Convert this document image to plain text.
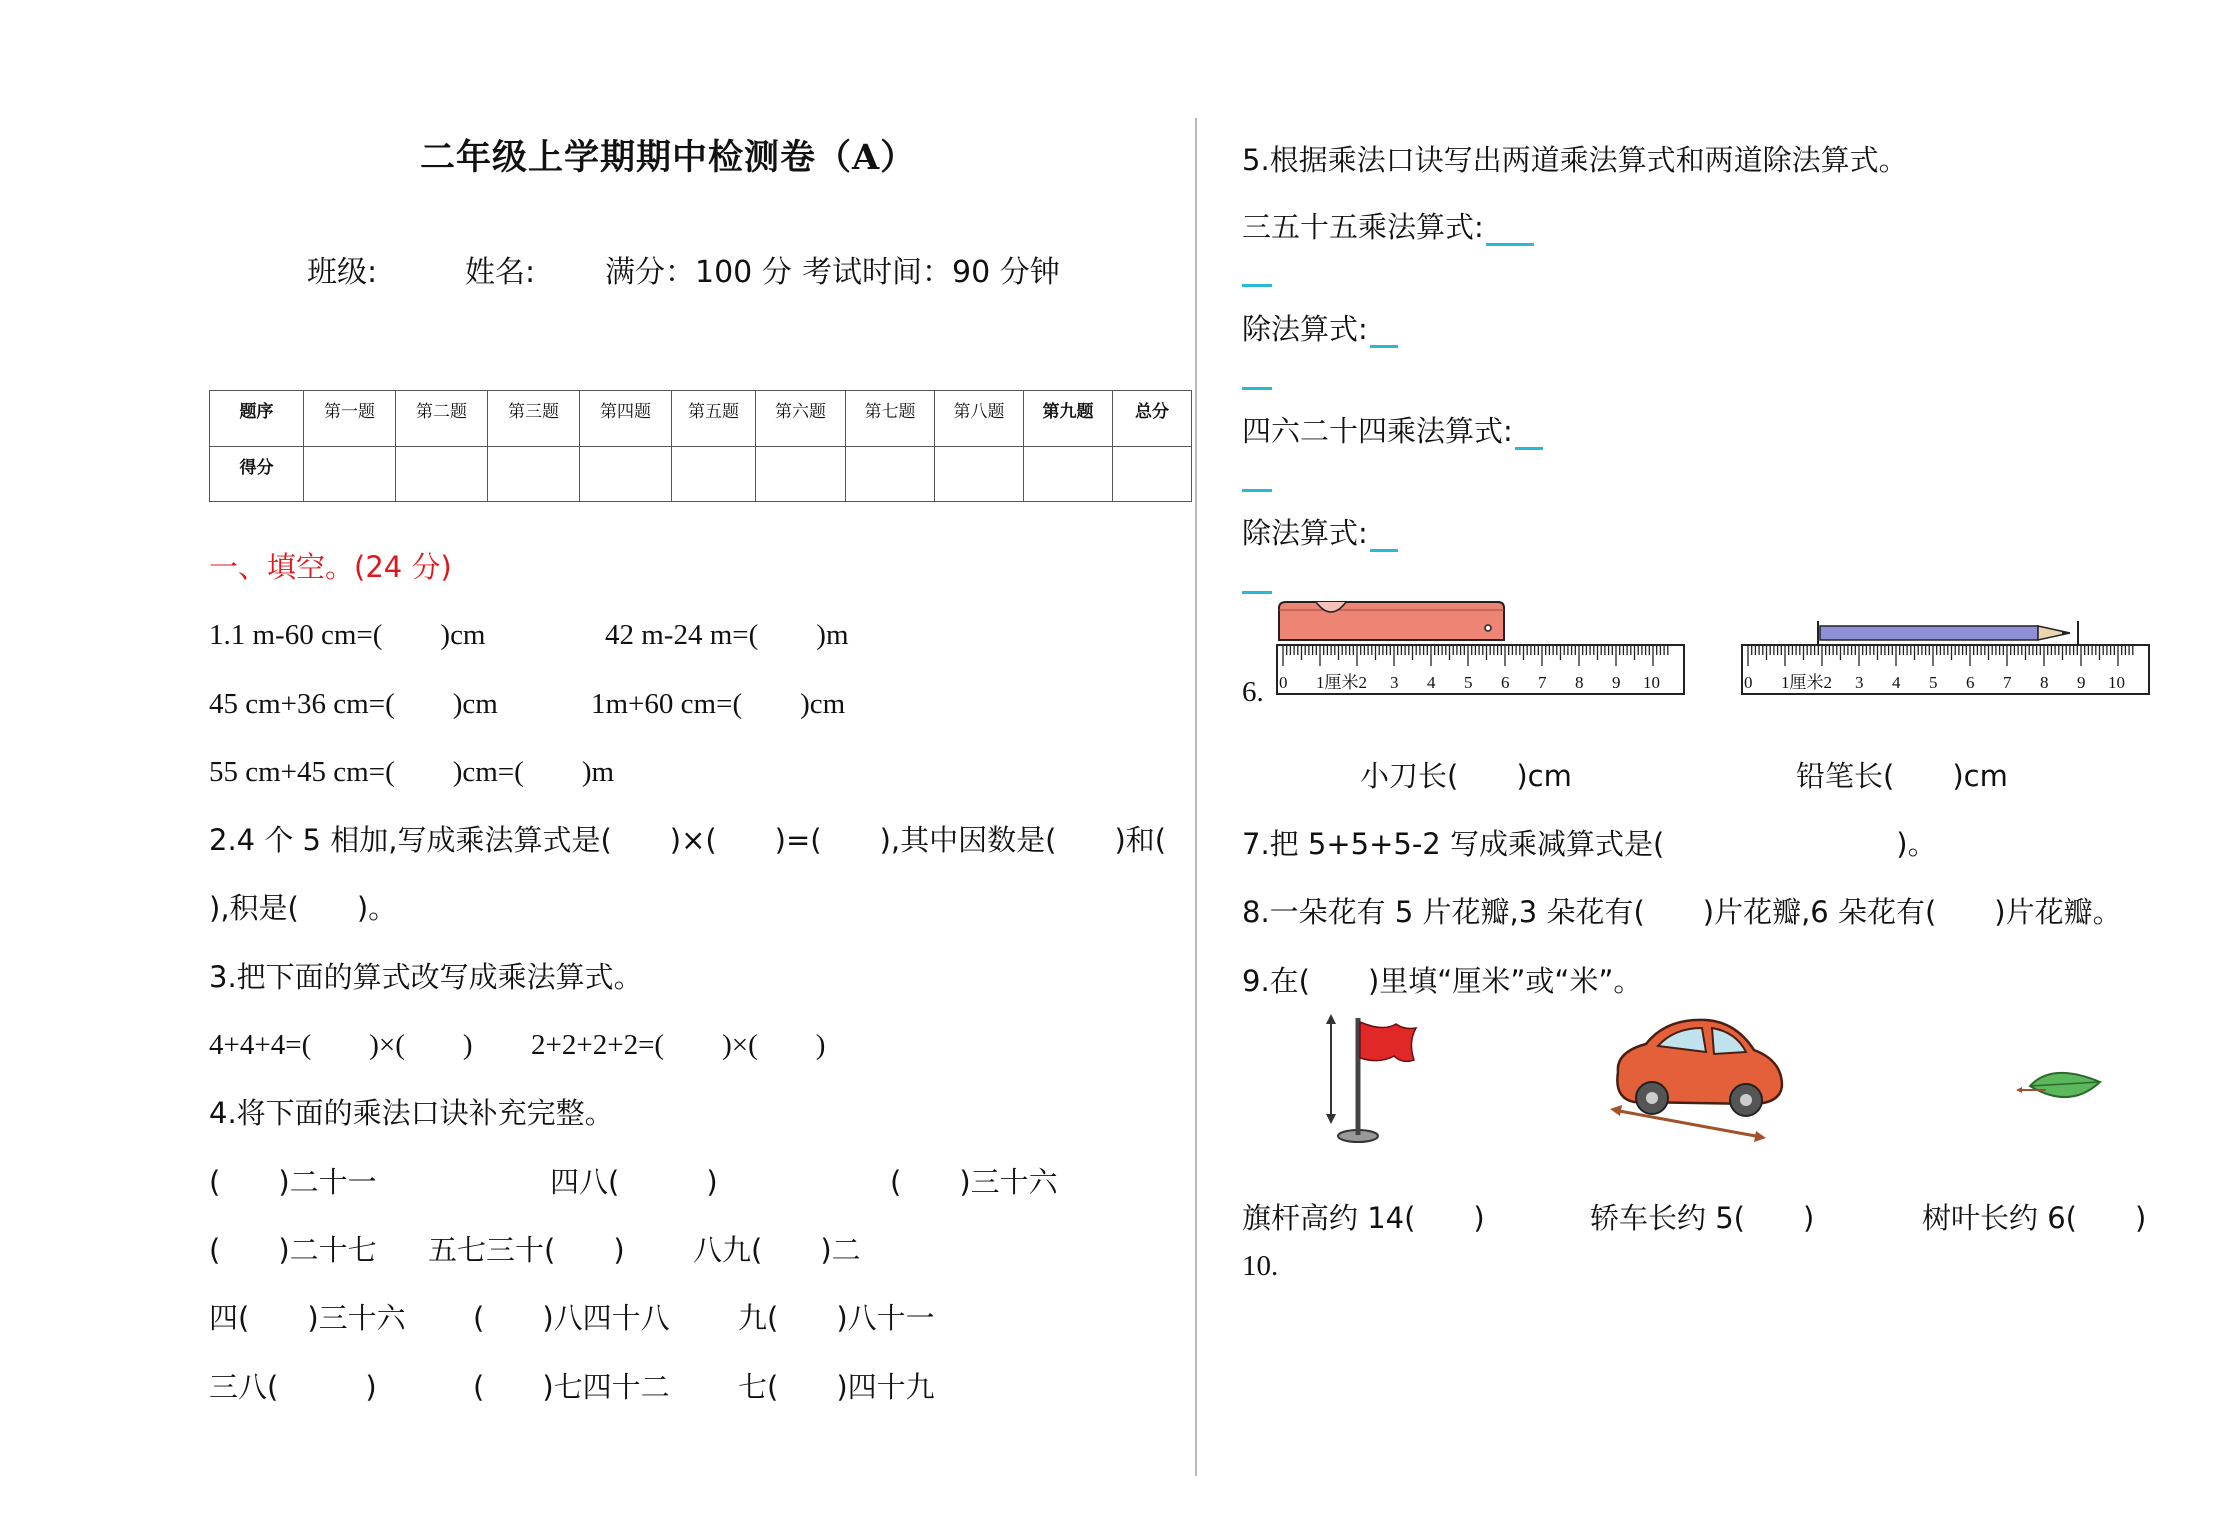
二年级上学期期中检测卷（A）
班级:	姓名: 满分：100 分 考试时间：90 分钟
题序	第一题	第二题	第三题	第四题	第五题	第六题	第七题	第八题	第九题	总分
得分										
一、填空。(24 分)
1.1 m-60 cm=(　　)cm	42 m-24 m=(　　)m
45 cm+36 cm=(　　)cm	1m+60 cm=(　　)cm
55 cm+45 cm=(　　)cm=(　　)m
2.4 个 5 相加,写成乘法算式是(　　)×(　　)=(　　),其中因数是(　　)和(
),积是(　　)。
3.把下面的算式改写成乘法算式。
4+4+4=(　　)×(　　) 2+2+2+2=(　　)×(　　)
4.将下面的乘法口诀补充完整。
(　　)二十一	四八(　　　)	(　　)三十六
(　　)二十七 五七三十(　　) 八九(　　)二
四(　　)三十六 (　　)八四十八 九(　　)八十一
三八(　　　)	(　　)七四十二 七(　　)四十九
5.根据乘法口诀写出两道乘法算式和两道除法算式。
三五十五乘法算式:
除法算式:
四六二十四乘法算式:
除法算式:
6. 0 1厘米2 3 4 5 6 7 8 9 10	0 1厘米2 3 4 5 6 7 8 9 10
小刀长(　　)cm	铅笔长(　　)cm
7.把 5+5+5-2 写成乘减算式是(　　　　　　　　)。
8.一朵花有 5 片花瓣,3 朵花有(　　)片花瓣,6 朵花有(　　)片花瓣。
9.在(　　)里填“厘米”或“米”。
旗杆高约 14(　　)	轿车长约 5(　　)	树叶长约 6(　　)
10.
